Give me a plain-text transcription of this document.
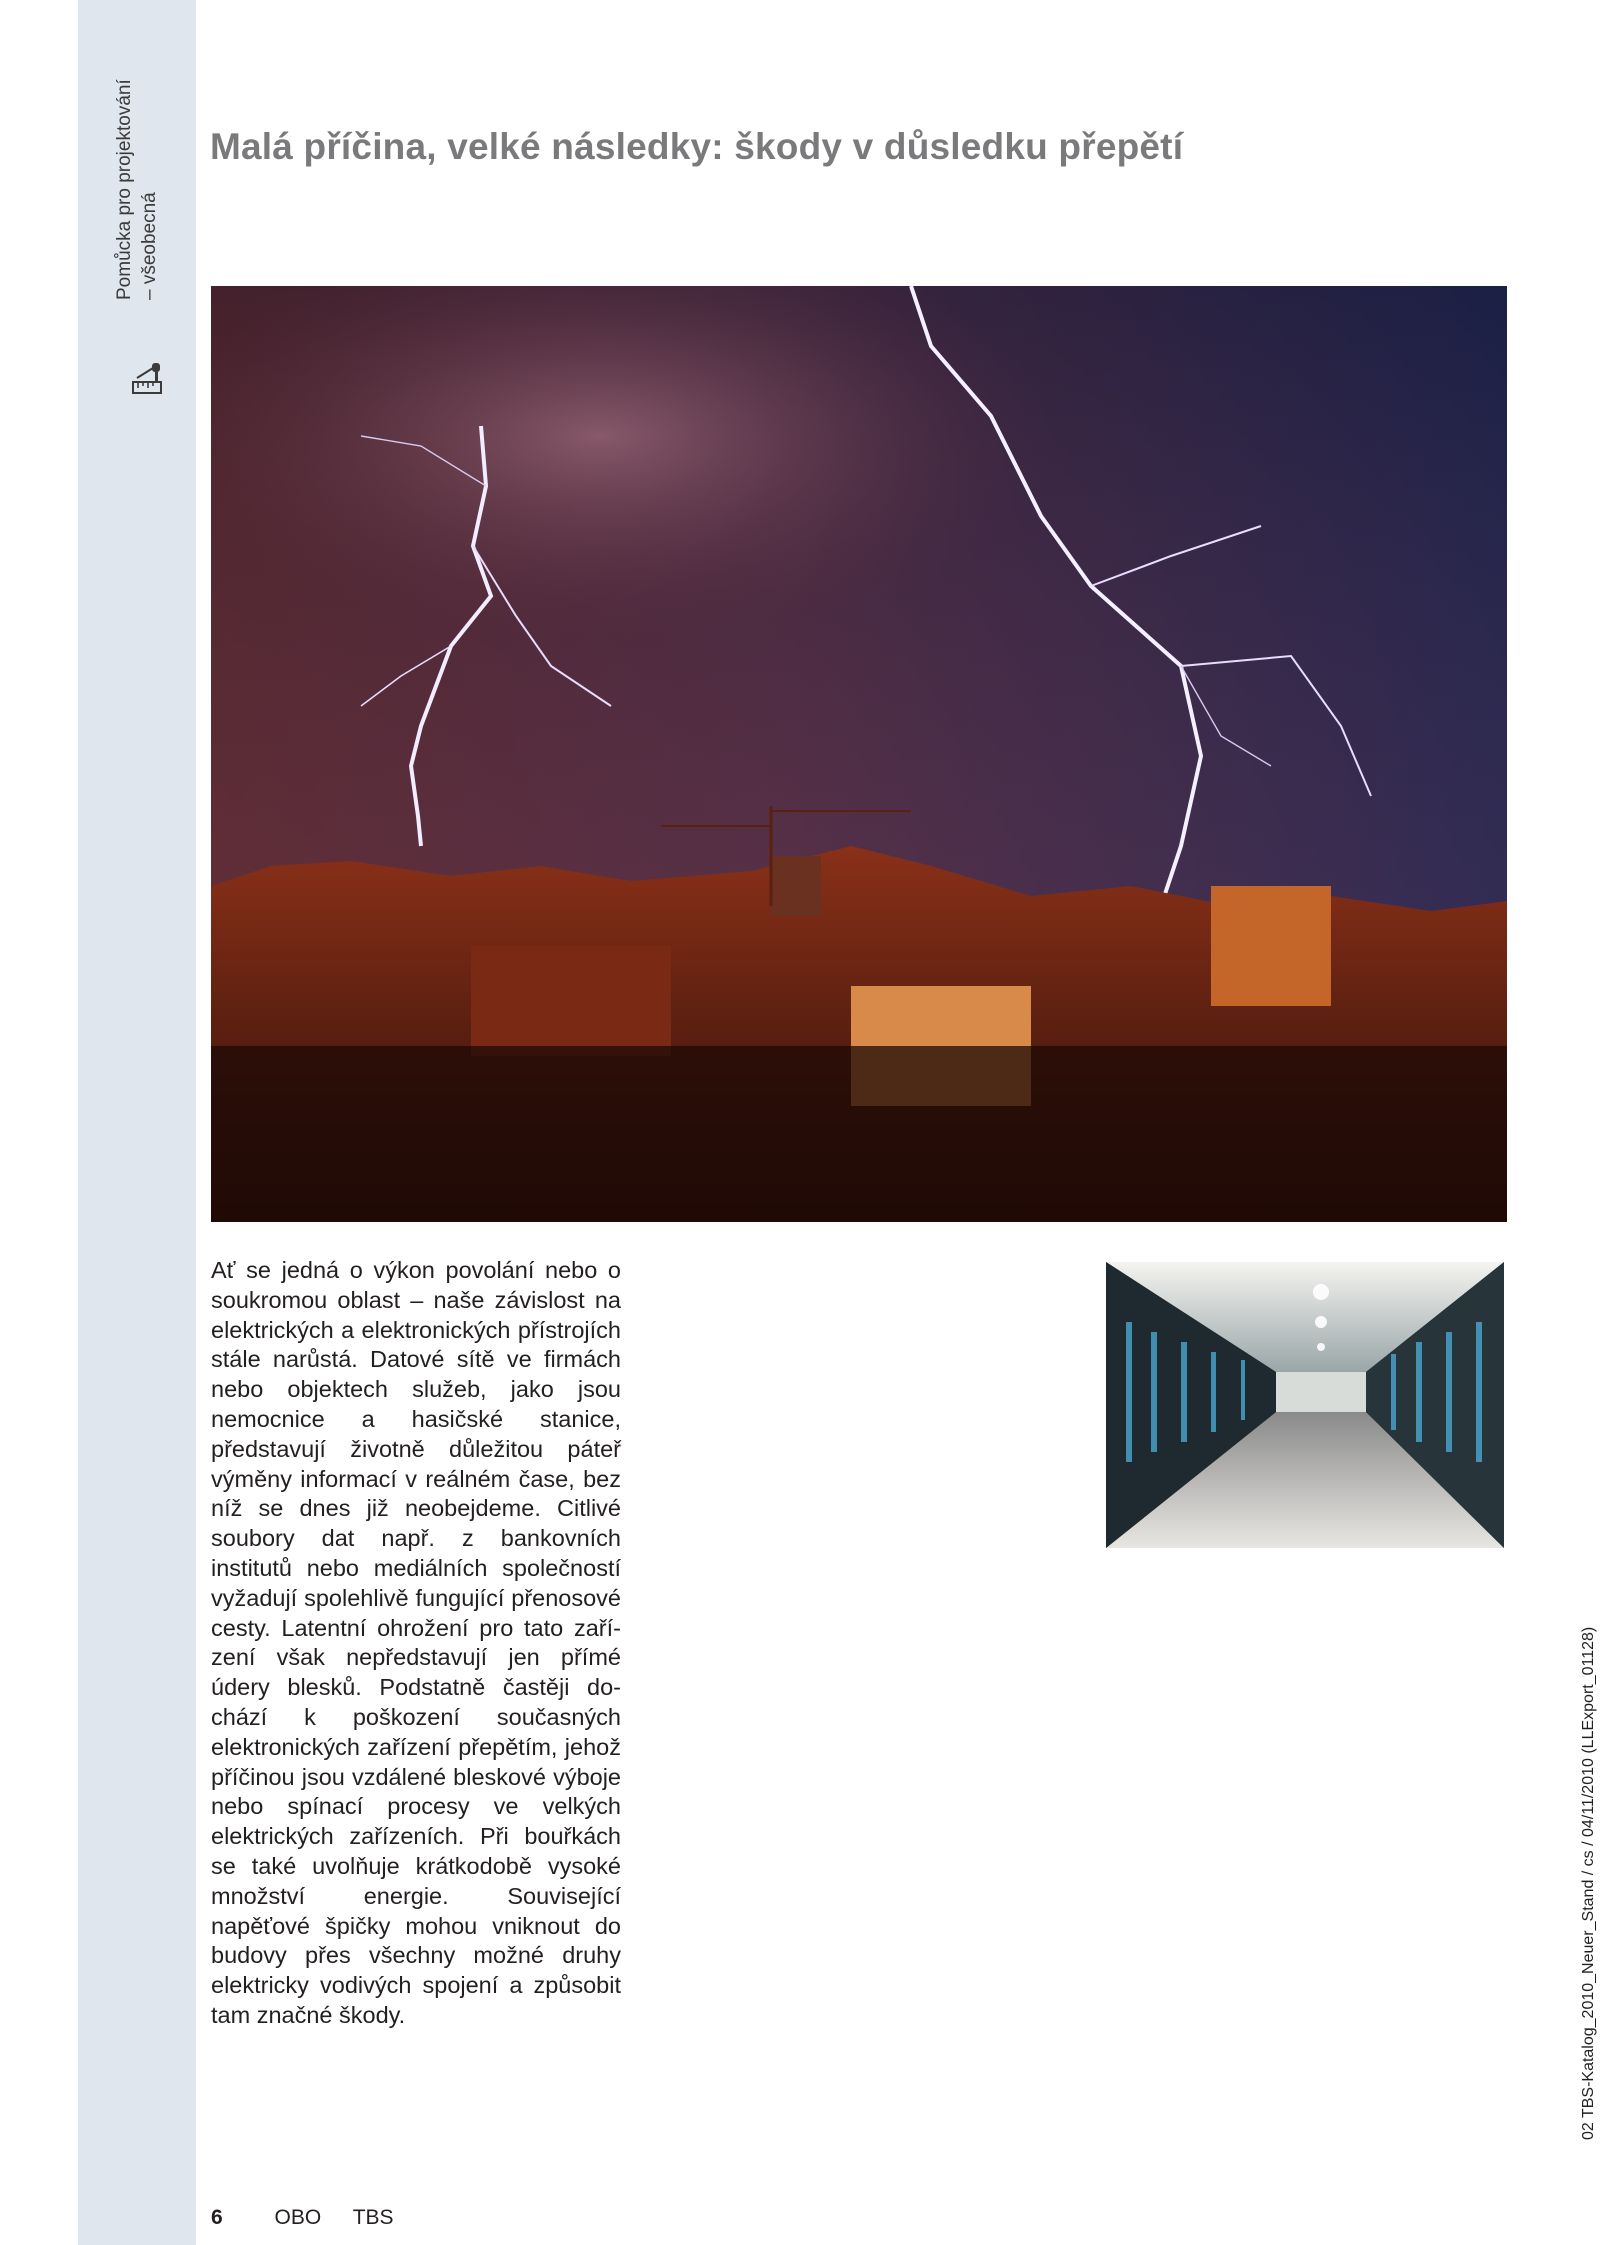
Pomůcka pro projektování
– všeobecná
Malá příčina, velké následky: škody v důsledku přepětí

Ať se jedná o výkon povolání nebo o soukromou oblast – naše závislost na elektrických a elektronických přístrojích stále narůstá. Datové sítě ve firmách nebo objektech služeb, jako jsou nemocnice a hasičské stanice, představují životně důležitou páteř výměny informací v reálném čase, bez níž se dnes již neobejdeme. Citlivé soubory dat např. z bankovních institutů nebo mediálních společností vyžadují spolehlivě fungující přenosové cesty. Latentní ohrožení pro tato zařízení však nepředstavují jen přímé údery blesků. Podstatně častěji dochází k poškození současných elektronických zařízení přepětím, jehož příčinou jsou vzdálené bleskové výboje nebo spínací procesy ve velkých elektrických zařízeních. Při bouřkách se také uvolňuje krátkodobě vysoké množství energie. Související napěťové špičky mohou vniknout do budovy přes všechny možné druhy elektricky vodivých spojení a způsobit tam značné škody.

6 OBO TBS
02 TBS-Katalog_2010_Neuer_Stand / cs / 04/11/2010 (LLExport_01128)
